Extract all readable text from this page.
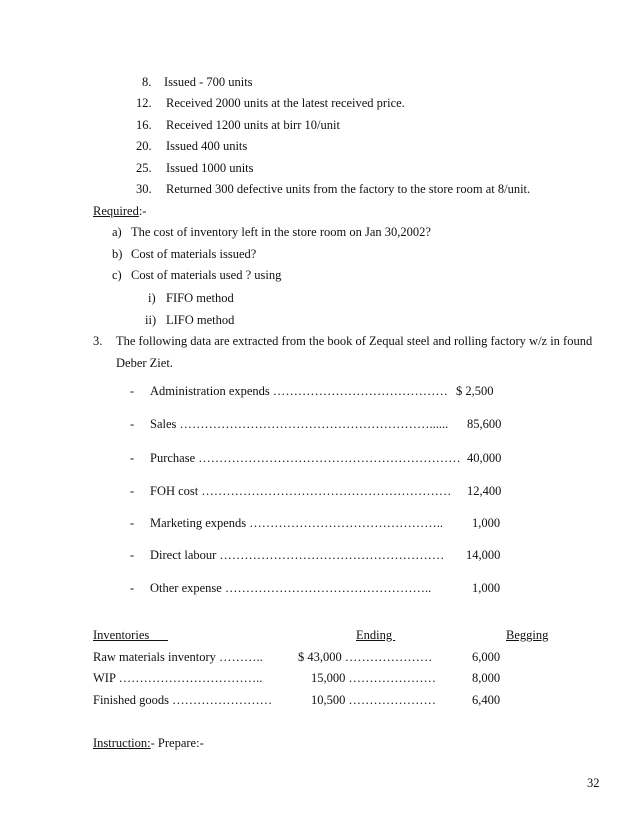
8. Issued - 700 units
12. Received 2000 units at the latest received price.
16. Received 1200 units at birr 10/unit
20. Issued 400 units
25. Issued 1000 units
30. Returned 300 defective units from the factory to the store room at 8/unit.
Required:-
a) The cost of inventory left in the store room on Jan 30,2002?
b) Cost of materials issued?
c) Cost of materials used ? using
i) FIFO method
ii) LIFO method
3. The following data are extracted from the book of Zequal steel and rolling factory w/z in found
Deber Ziet.
- Administration expends …………………………………… $ 2,500
- Sales ……………………………………………………...... 85,600
- Purchase ……………………………………………………… 40,000
- FOH cost …………………………………………………… 12,400
- Marketing expends ……………………………………….. 1,000
- Direct labour ……………………………………………… 14,000
- Other expense …………………………………………..	1,000
Inventories	Ending	Begging
Raw materials inventory ………..	$ 43,000 …………………	6,000
WIP ……………………………..	15,000 …………………	8,000
Finished goods ……………………	10,500 …………………	6,400
Instruction:- Prepare:-
32
